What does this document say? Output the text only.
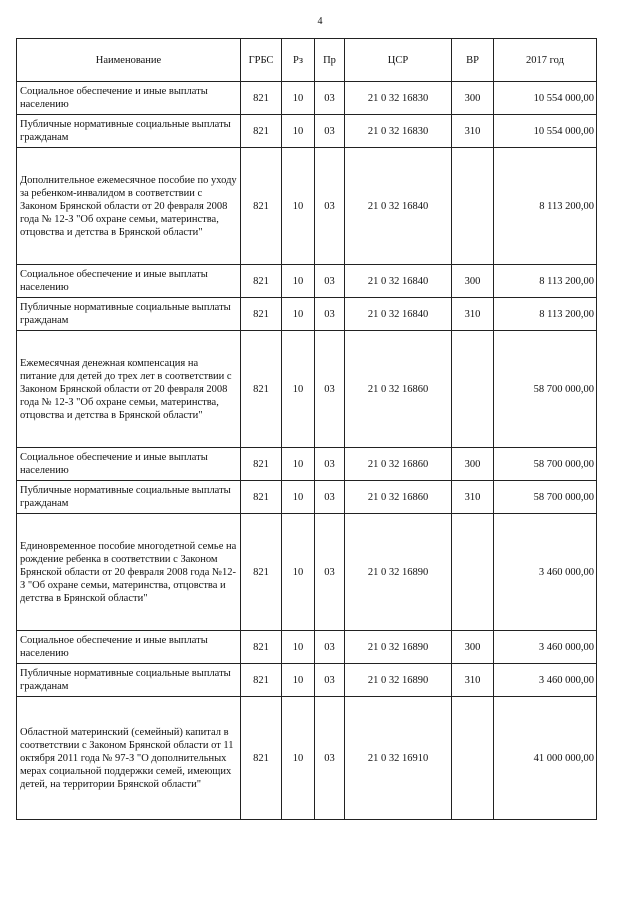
4
Наименование	ГРБС	Рз	Пр	ЦСР	ВР	2017 год
Социальное обеспечение и иные выплаты населению	821	10	03	21 0 32 16830	300	10 554 000,00
Публичные нормативные социальные выплаты гражданам	821	10	03	21 0 32 16830	310	10 554 000,00
Дополнительное ежемесячное пособие по уходу за ребенком-инвалидом в соответствии с Законом Брянской области от 20 февраля 2008 года № 12-З "Об охране семьи, материнства, отцовства и детства в Брянской области"	821	10	03	21 0 32 16840		8 113 200,00
Социальное обеспечение и иные выплаты населению	821	10	03	21 0 32 16840	300	8 113 200,00
Публичные нормативные социальные выплаты гражданам	821	10	03	21 0 32 16840	310	8 113 200,00
Ежемесячная денежная компенсация на питание для детей до трех лет в соответствии с Законом Брянской области от 20 февраля 2008 года № 12-З "Об охране семьи, материнства, отцовства и детства в Брянской области"	821	10	03	21 0 32 16860		58 700 000,00
Социальное обеспечение и иные выплаты населению	821	10	03	21 0 32 16860	300	58 700 000,00
Публичные нормативные социальные выплаты гражданам	821	10	03	21 0 32 16860	310	58 700 000,00
Единовременное пособие многодетной семье на рождение ребенка в соответствии с Законом Брянской области от 20 февраля 2008 года №12-З "Об охране семьи, материнства, отцовства и детства в Брянской области"	821	10	03	21 0 32 16890		3 460 000,00
Социальное обеспечение и иные выплаты населению	821	10	03	21 0 32 16890	300	3 460 000,00
Публичные нормативные социальные выплаты гражданам	821	10	03	21 0 32 16890	310	3 460 000,00
Областной материнский (семейный) капитал в соответствии с Законом Брянской области от 11 октября 2011 года № 97-З "О дополнительных мерах социальной поддержки семей, имеющих детей, на территории Брянской области"	821	10	03	21 0 32 16910		41 000 000,00
